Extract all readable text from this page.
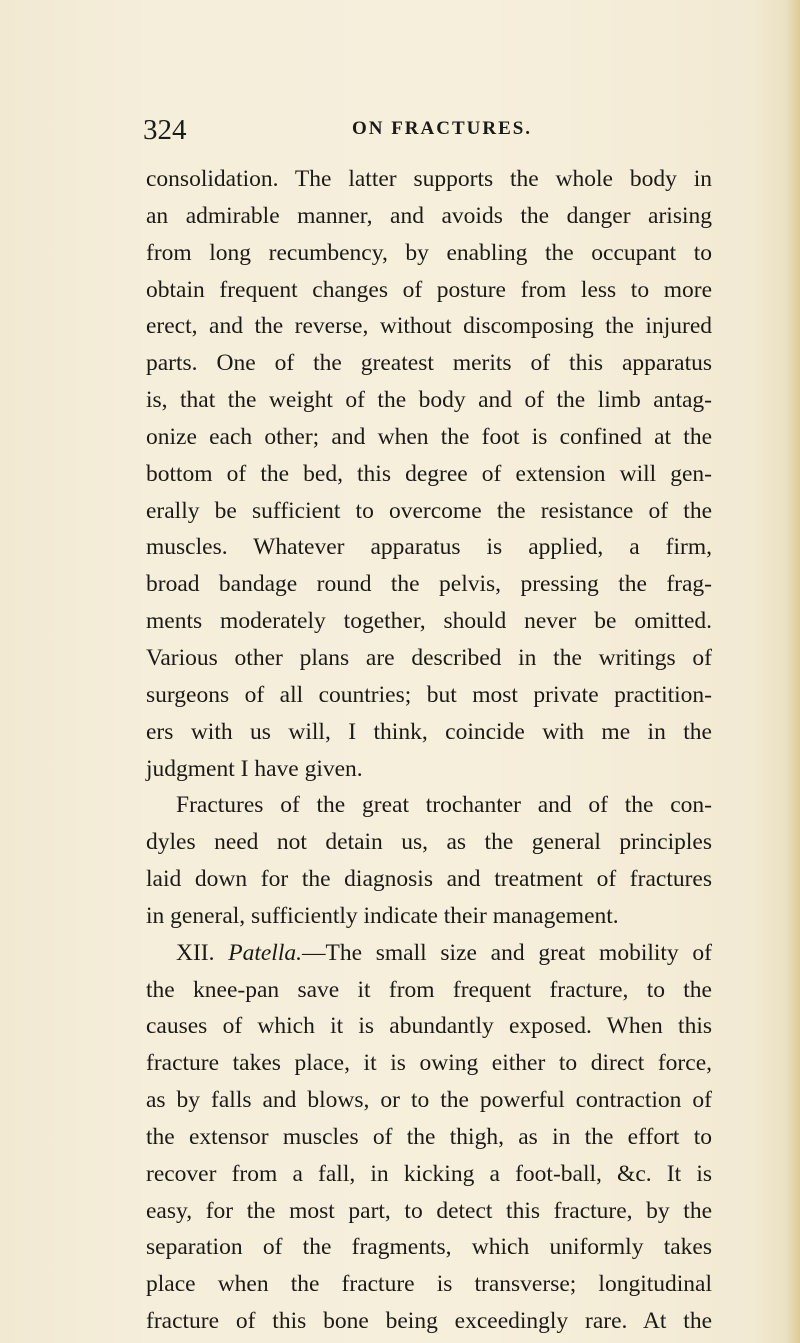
324	ON FRACTURES.
consolidation. The latter supports the whole body in
an admirable manner, and avoids the danger arising
from long recumbency, by enabling the occupant to
obtain frequent changes of posture from less to more
erect, and the reverse, without discomposing the injured
parts. One of the greatest merits of this apparatus
is, that the weight of the body and of the limb antag-
onize each other; and when the foot is confined at the
bottom of the bed, this degree of extension will gen-
erally be sufficient to overcome the resistance of the
muscles. Whatever apparatus is applied, a firm,
broad bandage round the pelvis, pressing the frag-
ments moderately together, should never be omitted.
Various other plans are described in the writings of
surgeons of all countries; but most private practition-
ers with us will, I think, coincide with me in the
judgment I have given.
Fractures of the great trochanter and of the con-
dyles need not detain us, as the general principles
laid down for the diagnosis and treatment of fractures
in general, sufficiently indicate their management.
XII. Patella.—The small size and great mobility of
the knee-pan save it from frequent fracture, to the
causes of which it is abundantly exposed. When this
fracture takes place, it is owing either to direct force,
as by falls and blows, or to the powerful contraction of
the extensor muscles of the thigh, as in the effort to
recover from a fall, in kicking a foot-ball, &c. It is
easy, for the most part, to detect this fracture, by the
separation of the fragments, which uniformly takes
place when the fracture is transverse; longitudinal
fracture of this bone being exceedingly rare. At the
